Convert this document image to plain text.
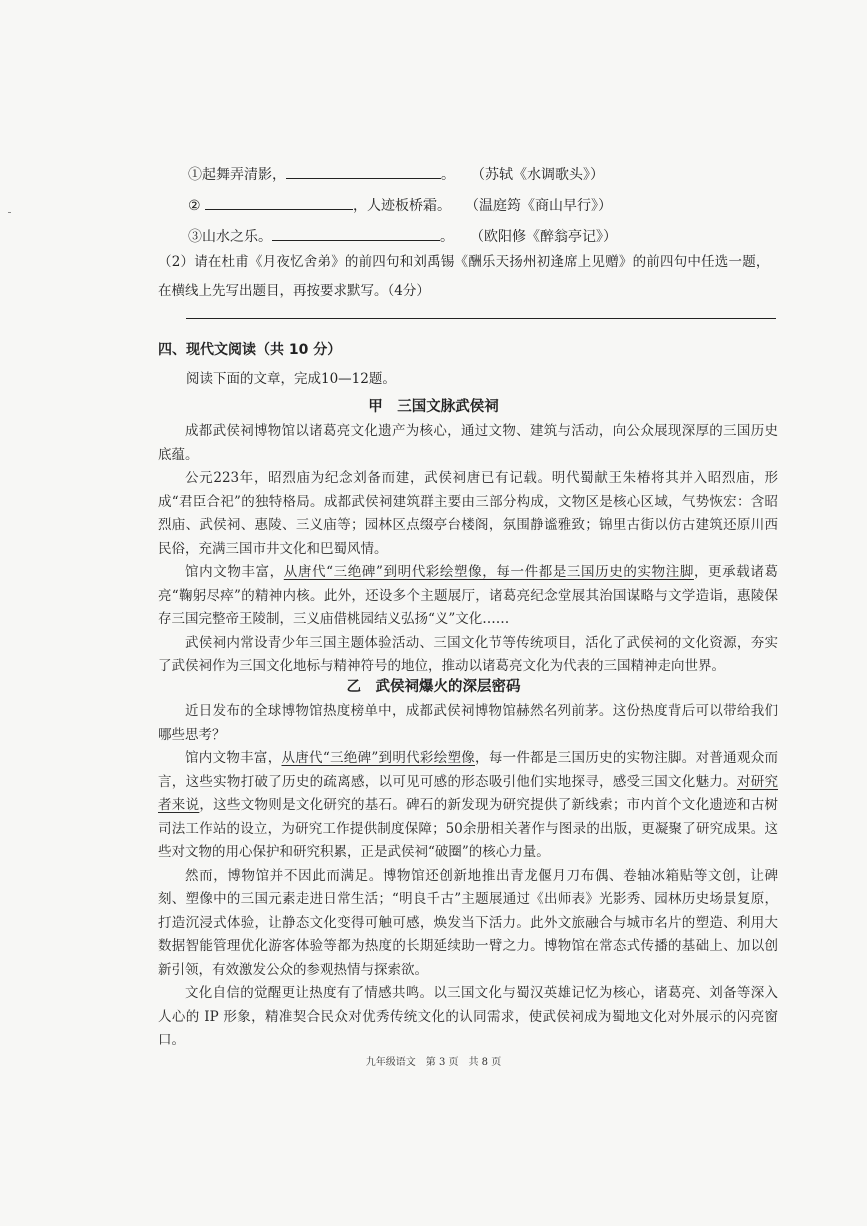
①起舞弄清影，	。 （苏轼《水调歌头》）
②	，人迹板桥霜。 （温庭筠《商山早行》）
③山水之乐。	。 （欧阳修《醉翁亭记》）
（2）请在杜甫《月夜忆舍弟》的前四句和刘禹锡《酬乐天扬州初逢席上见赠》的前四句中任选一题，
在横线上先写出题目，再按要求默写。（4分）
四、现代文阅读（共 10 分）
阅读下面的文章，完成10—12题。
甲　三国文脉武侯祠

成都武侯祠博物馆以诸葛亮文化遗产为核心，通过文物、建筑与活动，向公众展现深厚的三国历史底蕴。

公元223年，昭烈庙为纪念刘备而建，武侯祠唐已有记载。明代蜀献王朱椿将其并入昭烈庙，形成“君臣合祀”的独特格局。成都武侯祠建筑群主要由三部分构成，文物区是核心区域，气势恢宏：含昭烈庙、武侯祠、惠陵、三义庙等；园林区点缀亭台楼阁，氛围静谧雅致；锦里古街以仿古建筑还原川西民俗，充满三国市井文化和巴蜀风情。

馆内文物丰富，从唐代“三绝碑”到明代彩绘塑像，每一件都是三国历史的实物注脚，更承载诸葛亮“鞠躬尽瘁”的精神内核。此外，还设多个主题展厅，诸葛亮纪念堂展其治国谋略与文学造诣，惠陵保存三国完整帝王陵制，三义庙借桃园结义弘扬“义”文化……

武侯祠内常设青少年三国主题体验活动、三国文化节等传统项目，活化了武侯祠的文化资源，夯实了武侯祠作为三国文化地标与精神符号的地位，推动以诸葛亮文化为代表的三国精神走向世界。

乙　武侯祠爆火的深层密码

近日发布的全球博物馆热度榜单中，成都武侯祠博物馆赫然名列前茅。这份热度背后可以带给我们哪些思考？

馆内文物丰富，从唐代“三绝碑”到明代彩绘塑像，每一件都是三国历史的实物注脚。对普通观众而言，这些实物打破了历史的疏离感，以可见可感的形态吸引他们实地探寻，感受三国文化魅力。对研究者来说，这些文物则是文化研究的基石。碑石的新发现为研究提供了新线索；市内首个文化遗迹和古树司法工作站的设立，为研究工作提供制度保障；50余册相关著作与图录的出版，更凝聚了研究成果。这些对文物的用心保护和研究积累，正是武侯祠“破圈”的核心力量。

然而，博物馆并不因此而满足。博物馆还创新地推出青龙偃月刀布偶、卷轴冰箱贴等文创，让碑刻、塑像中的三国元素走进日常生活；“明良千古”主题展通过《出师表》光影秀、园林历史场景复原，打造沉浸式体验，让静态文化变得可触可感，焕发当下活力。此外文旅融合与城市名片的塑造、利用大数据智能管理优化游客体验等都为热度的长期延续助一臂之力。博物馆在常态式传播的基础上、加以创新引领，有效激发公众的参观热情与探索欲。

文化自信的觉醒更让热度有了情感共鸣。以三国文化与蜀汉英雄记忆为核心，诸葛亮、刘备等深入人心的 IP 形象，精准契合民众对优秀传统文化的认同需求，使武侯祠成为蜀地文化对外展示的闪亮窗口。

九年级语文　第 3 页　共 8 页
